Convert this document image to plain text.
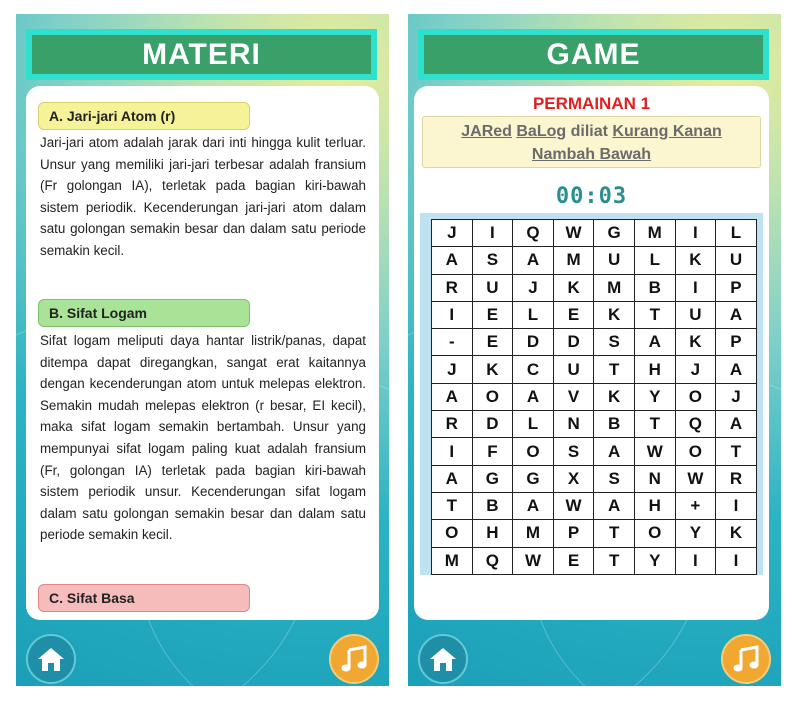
MATERI
A. Jari-jari Atom (r)

Jari-jari atom adalah jarak dari inti hingga kulit terluar. Unsur yang memiliki jari-jari terbesar adalah fransium (Fr golongan IA), terletak pada bagian kiri-bawah sistem periodik. Kecenderungan jari-jari atom dalam satu golongan semakin besar dan dalam satu periode semakin kecil.

B. Sifat Logam

Sifat logam meliputi daya hantar listrik/panas, dapat ditempa dapat diregangkan, sangat erat kaitannya dengan kecenderungan atom untuk melepas elektron. Semakin mudah melepas elektron (r besar, EI kecil), maka sifat logam semakin bertambah. Unsur yang mempunyai sifat logam paling kuat adalah fransium (Fr, golongan IA) terletak pada bagian kiri-bawah sistem periodik unsur. Kecenderungan sifat logam dalam satu golongan semakin besar dan dalam satu periode semakin kecil.

C. Sifat Basa
GAME
PERMAINAN 1
JARed BaLog diliat Kurang Kanan
Nambah Bawah
00:03
J	I	Q	W	G	M	I	L
A	S	A	M	U	L	K	U
R	U	J	K	M	B	I	P
I	E	L	E	K	T	U	A
-	E	D	D	S	A	K	P
J	K	C	U	T	H	J	A
A	O	A	V	K	Y	O	J
R	D	L	N	B	T	Q	A
I	F	O	S	A	W	O	T
A	G	G	X	S	N	W	R
T	B	A	W	A	H	+	I
O	H	M	P	T	O	Y	K
M	Q	W	E	T	Y	I	I
